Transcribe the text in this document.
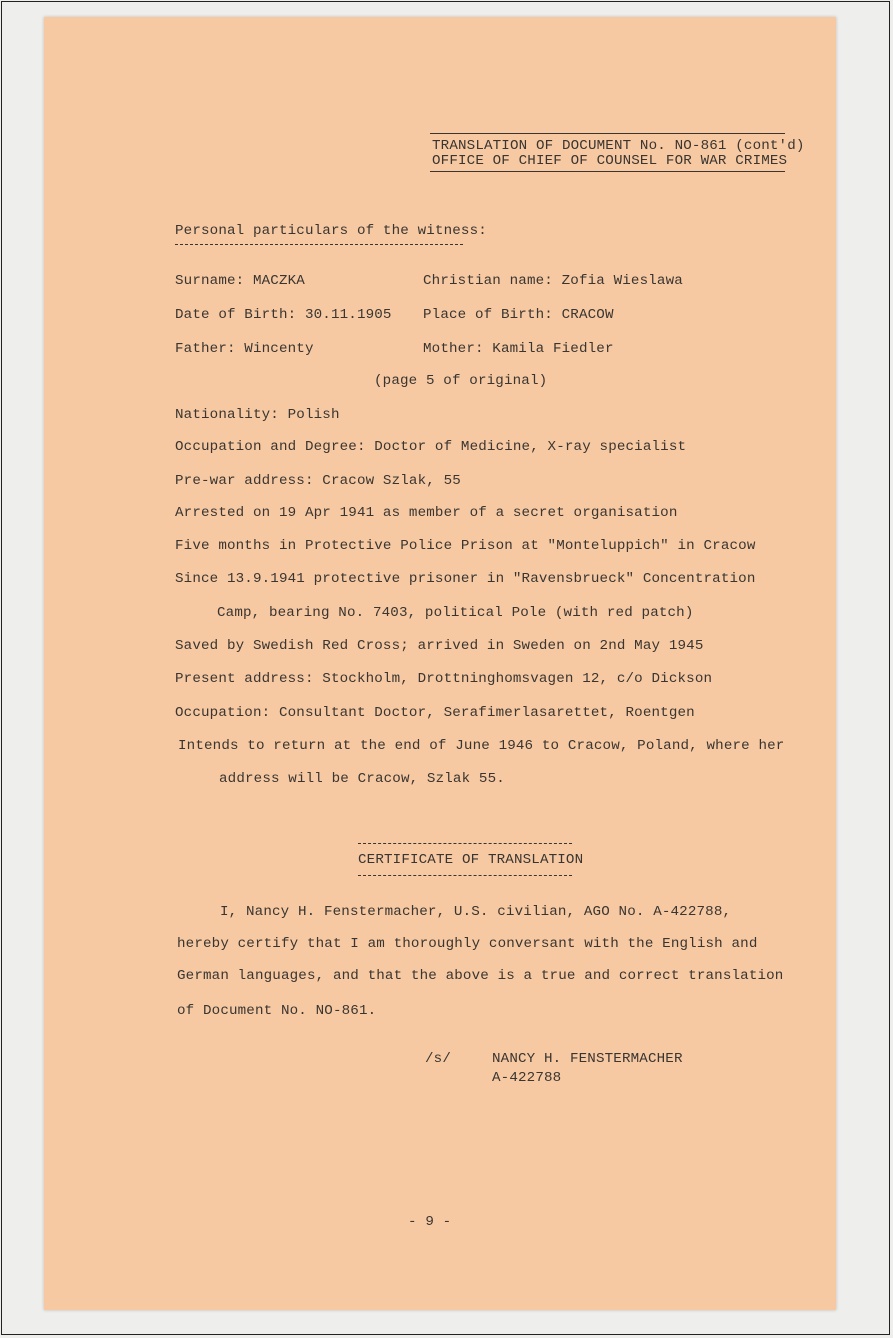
TRANSLATION OF DOCUMENT No. NO-861 (cont'd)
OFFICE OF CHIEF OF COUNSEL FOR WAR CRIMES
Personal particulars of the witness:
Surname: MACZKA	Christian name: Zofia Wieslawa
Date of Birth: 30.11.1905 Place of Birth: CRACOW
Father: Wincenty	Mother: Kamila Fiedler
(page 5 of original)
Nationality: Polish
Occupation and Degree: Doctor of Medicine, X-ray specialist
Pre-war address: Cracow Szlak, 55
Arrested on 19 Apr 1941 as member of a secret organisation
Five months in Protective Police Prison at "Monteluppich" in Cracow
Since 13.9.1941 protective prisoner in "Ravensbrueck" Concentration
Camp, bearing No. 7403, political Pole (with red patch)
Saved by Swedish Red Cross; arrived in Sweden on 2nd May 1945
Present address: Stockholm, Drottninghomsvagen 12, c/o Dickson
Occupation: Consultant Doctor, Serafimerlasarettet, Roentgen
Intends to return at the end of June 1946 to Cracow, Poland, where her
address will be Cracow, Szlak 55.
CERTIFICATE OF TRANSLATION
I, Nancy H. Fenstermacher, U.S. civilian, AGO No. A-422788,
hereby certify that I am thoroughly conversant with the English and
German languages, and that the above is a true and correct translation
of Document No. NO-861.
/s/	NANCY H. FENSTERMACHER
A-422788
- 9 -
